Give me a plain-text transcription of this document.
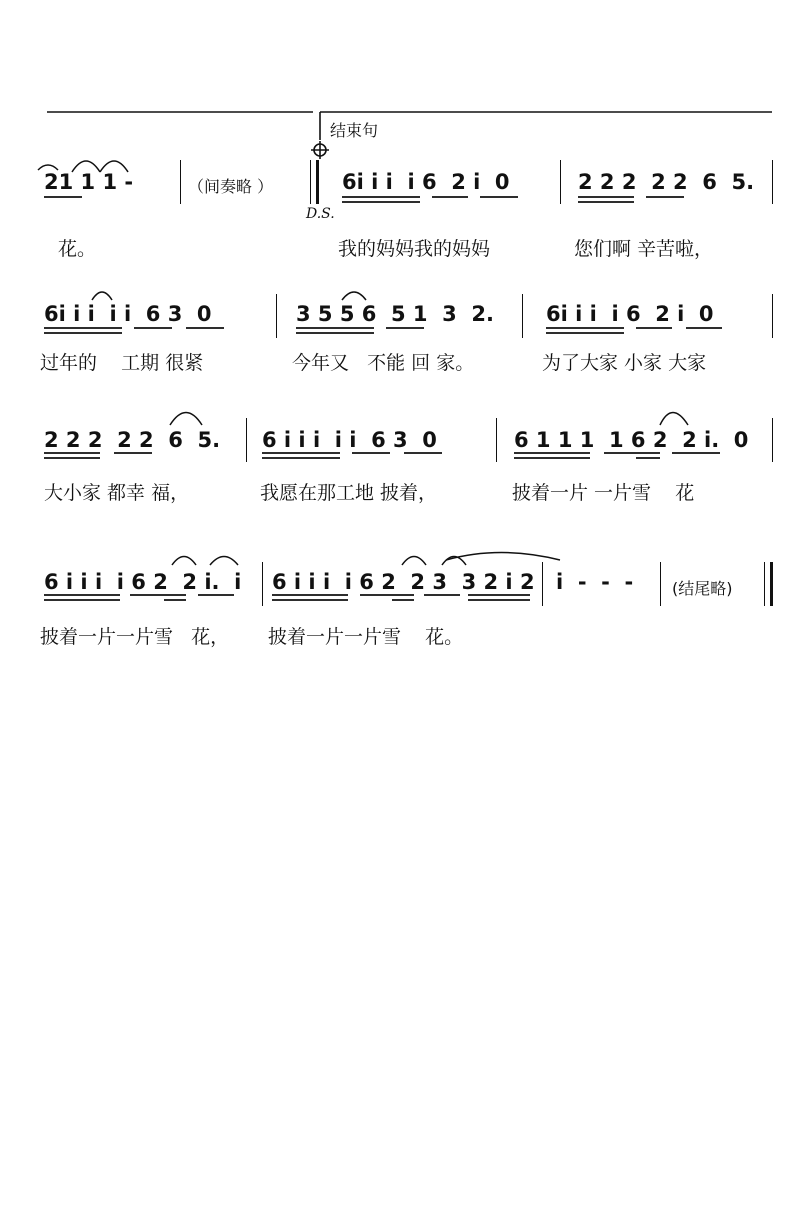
结束句
D.S.
21 1 1 -	（间奏略 ）	6i i i  i 6  2 i  0	2 2 2  2 2  6  5.
花。	我的妈妈我的妈妈	您们啊 辛苦啦，
6i i i  i i  6 3  0	3 5 5 6  5 1  3  2. 6i i i  i 6  2 i  0
过年的    工期 很紧	今年又   不能 回 家。	为了大家 小家 大家
2 2 2  2 2  6  5. 6 i i i  i i  6 3  0	6 1 1 1  1 6 2  2 i.  0
大小家 都幸 福，	我愿在那工地 披着，	披着一片 一片雪    花
6 i i i  i 6 2  2 i.  i 6 i i i  i 6 2  2 3  3 2 i 2 i  -  -  - (结尾略)
披着一片一片雪   花， 披着一片一片雪    花。
